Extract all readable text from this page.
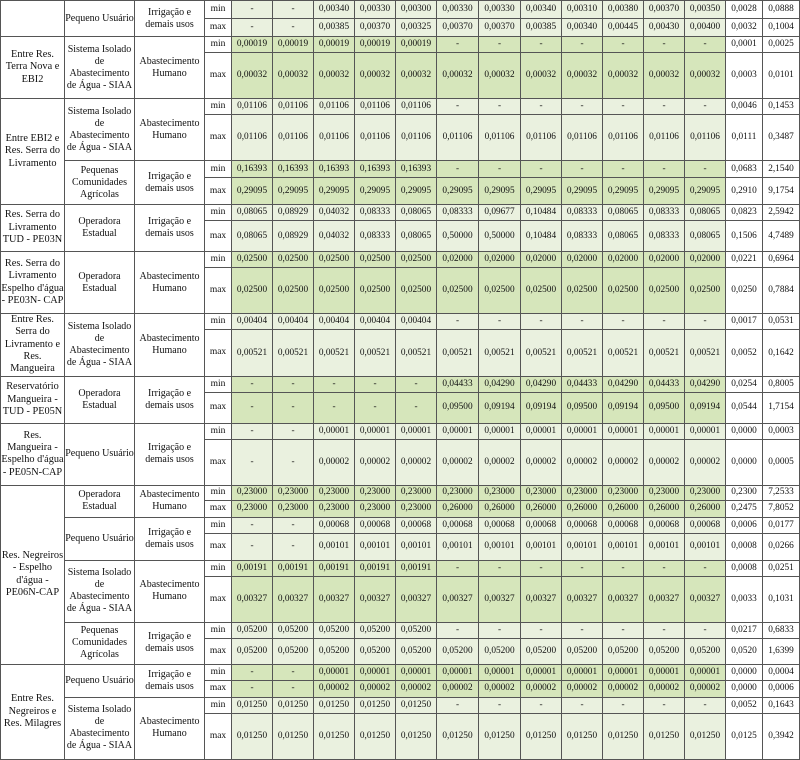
	Pequeno Usuário	Irrigação e demais usos	min	-	-	0,00340	0,00330	0,00300	0,00330	0,00330	0,00340	0,00310	0,00380	0,00370	0,00350	0,0028	0,0888
			max	-	-	0,00385	0,00370	0,00325	0,00370	0,00370	0,00385	0,00340	0,00445	0,00430	0,00400	0,0032	0,1004
Entre Res. Terra Nova e EBI2	Sistema Isolado de Abastecimento de Água - SIAA	Abastecimento Humano	min	0,00019	0,00019	0,00019	0,00019	0,00019	-	-	-	-	-	-	-	0,0001	0,0025
			max	0,00032	0,00032	0,00032	0,00032	0,00032	0,00032	0,00032	0,00032	0,00032	0,00032	0,00032	0,00032	0,0003	0,0101
Entre EBI2 e Res. Serra do Livramento	Sistema Isolado de Abastecimento de Água - SIAA	Abastecimento Humano	min	0,01106	0,01106	0,01106	0,01106	0,01106	-	-	-	-	-	-	-	0,0046	0,1453
			max	0,01106	0,01106	0,01106	0,01106	0,01106	0,01106	0,01106	0,01106	0,01106	0,01106	0,01106	0,01106	0,0111	0,3487
	Pequenas Comunidades Agrícolas	Irrigação e demais usos	min	0,16393	0,16393	0,16393	0,16393	0,16393	-	-	-	-	-	-	-	0,0683	2,1540
			max	0,29095	0,29095	0,29095	0,29095	0,29095	0,29095	0,29095	0,29095	0,29095	0,29095	0,29095	0,29095	0,2910	9,1754
Res. Serra do Livramento TUD - PE03N	Operadora Estadual	Irrigação e demais usos	min	0,08065	0,08929	0,04032	0,08333	0,08065	0,08333	0,09677	0,10484	0,08333	0,08065	0,08333	0,08065	0,0823	2,5942
			max	0,08065	0,08929	0,04032	0,08333	0,08065	0,50000	0,50000	0,10484	0,08333	0,08065	0,08333	0,08065	0,1506	4,7489
Res. Serra do Livramento Espelho d'água - PE03N- CAP	Operadora Estadual	Abastecimento Humano	min	0,02500	0,02500	0,02500	0,02500	0,02500	0,02000	0,02000	0,02000	0,02000	0,02000	0,02000	0,02000	0,0221	0,6964
			max	0,02500	0,02500	0,02500	0,02500	0,02500	0,02500	0,02500	0,02500	0,02500	0,02500	0,02500	0,02500	0,0250	0,7884
Entre Res. Serra do Livramento e Res. Mangueira	Sistema Isolado de Abastecimento de Água - SIAA	Abastecimento Humano	min	0,00404	0,00404	0,00404	0,00404	0,00404	-	-	-	-	-	-	-	0,0017	0,0531
			max	0,00521	0,00521	0,00521	0,00521	0,00521	0,00521	0,00521	0,00521	0,00521	0,00521	0,00521	0,00521	0,0052	0,1642
Reservatório Mangueira - TUD - PE05N	Operadora Estadual	Irrigação e demais usos	min	-	-	-	-	-	0,04433	0,04290	0,04290	0,04433	0,04290	0,04433	0,04290	0,0254	0,8005
			max	-	-	-	-	-	0,09500	0,09194	0,09194	0,09500	0,09194	0,09500	0,09194	0,0544	1,7154
Res. Mangueira - Espelho d'água - PE05N-CAP	Pequeno Usuário	Irrigação e demais usos	min	-	-	0,00001	0,00001	0,00001	0,00001	0,00001	0,00001	0,00001	0,00001	0,00001	0,00001	0,0000	0,0003
			max	-	-	0,00002	0,00002	0,00002	0,00002	0,00002	0,00002	0,00002	0,00002	0,00002	0,00002	0,0000	0,0005
Res. Negreiros - Espelho d'água - PE06N-CAP	Operadora Estadual	Abastecimento Humano	min	0,23000	0,23000	0,23000	0,23000	0,23000	0,23000	0,23000	0,23000	0,23000	0,23000	0,23000	0,23000	0,2300	7,2533
			max	0,23000	0,23000	0,23000	0,23000	0,23000	0,26000	0,26000	0,26000	0,26000	0,26000	0,26000	0,26000	0,2475	7,8052
	Pequeno Usuário	Irrigação e demais usos	min	-	-	0,00068	0,00068	0,00068	0,00068	0,00068	0,00068	0,00068	0,00068	0,00068	0,00068	0,0006	0,0177
			max	-	-	0,00101	0,00101	0,00101	0,00101	0,00101	0,00101	0,00101	0,00101	0,00101	0,00101	0,0008	0,0266
	Sistema Isolado de Abastecimento de Água - SIAA	Abastecimento Humano	min	0,00191	0,00191	0,00191	0,00191	0,00191	-	-	-	-	-	-	-	0,0008	0,0251
			max	0,00327	0,00327	0,00327	0,00327	0,00327	0,00327	0,00327	0,00327	0,00327	0,00327	0,00327	0,00327	0,0033	0,1031
	Pequenas Comunidades Agrícolas	Irrigação e demais usos	min	0,05200	0,05200	0,05200	0,05200	0,05200	-	-	-	-	-	-	-	0,0217	0,6833
			max	0,05200	0,05200	0,05200	0,05200	0,05200	0,05200	0,05200	0,05200	0,05200	0,05200	0,05200	0,05200	0,0520	1,6399
Entre Res. Negreiros e Res. Milagres	Pequeno Usuário	Irrigação e demais usos	min	-	-	0,00001	0,00001	0,00001	0,00001	0,00001	0,00001	0,00001	0,00001	0,00001	0,00001	0,0000	0,0004
			max	-	-	0,00002	0,00002	0,00002	0,00002	0,00002	0,00002	0,00002	0,00002	0,00002	0,00002	0,0000	0,0006
	Sistema Isolado de Abastecimento de Água - SIAA	Abastecimento Humano	min	0,01250	0,01250	0,01250	0,01250	0,01250	-	-	-	-	-	-	-	0,0052	0,1643
			max	0,01250	0,01250	0,01250	0,01250	0,01250	0,01250	0,01250	0,01250	0,01250	0,01250	0,01250	0,01250	0,0125	0,3942
